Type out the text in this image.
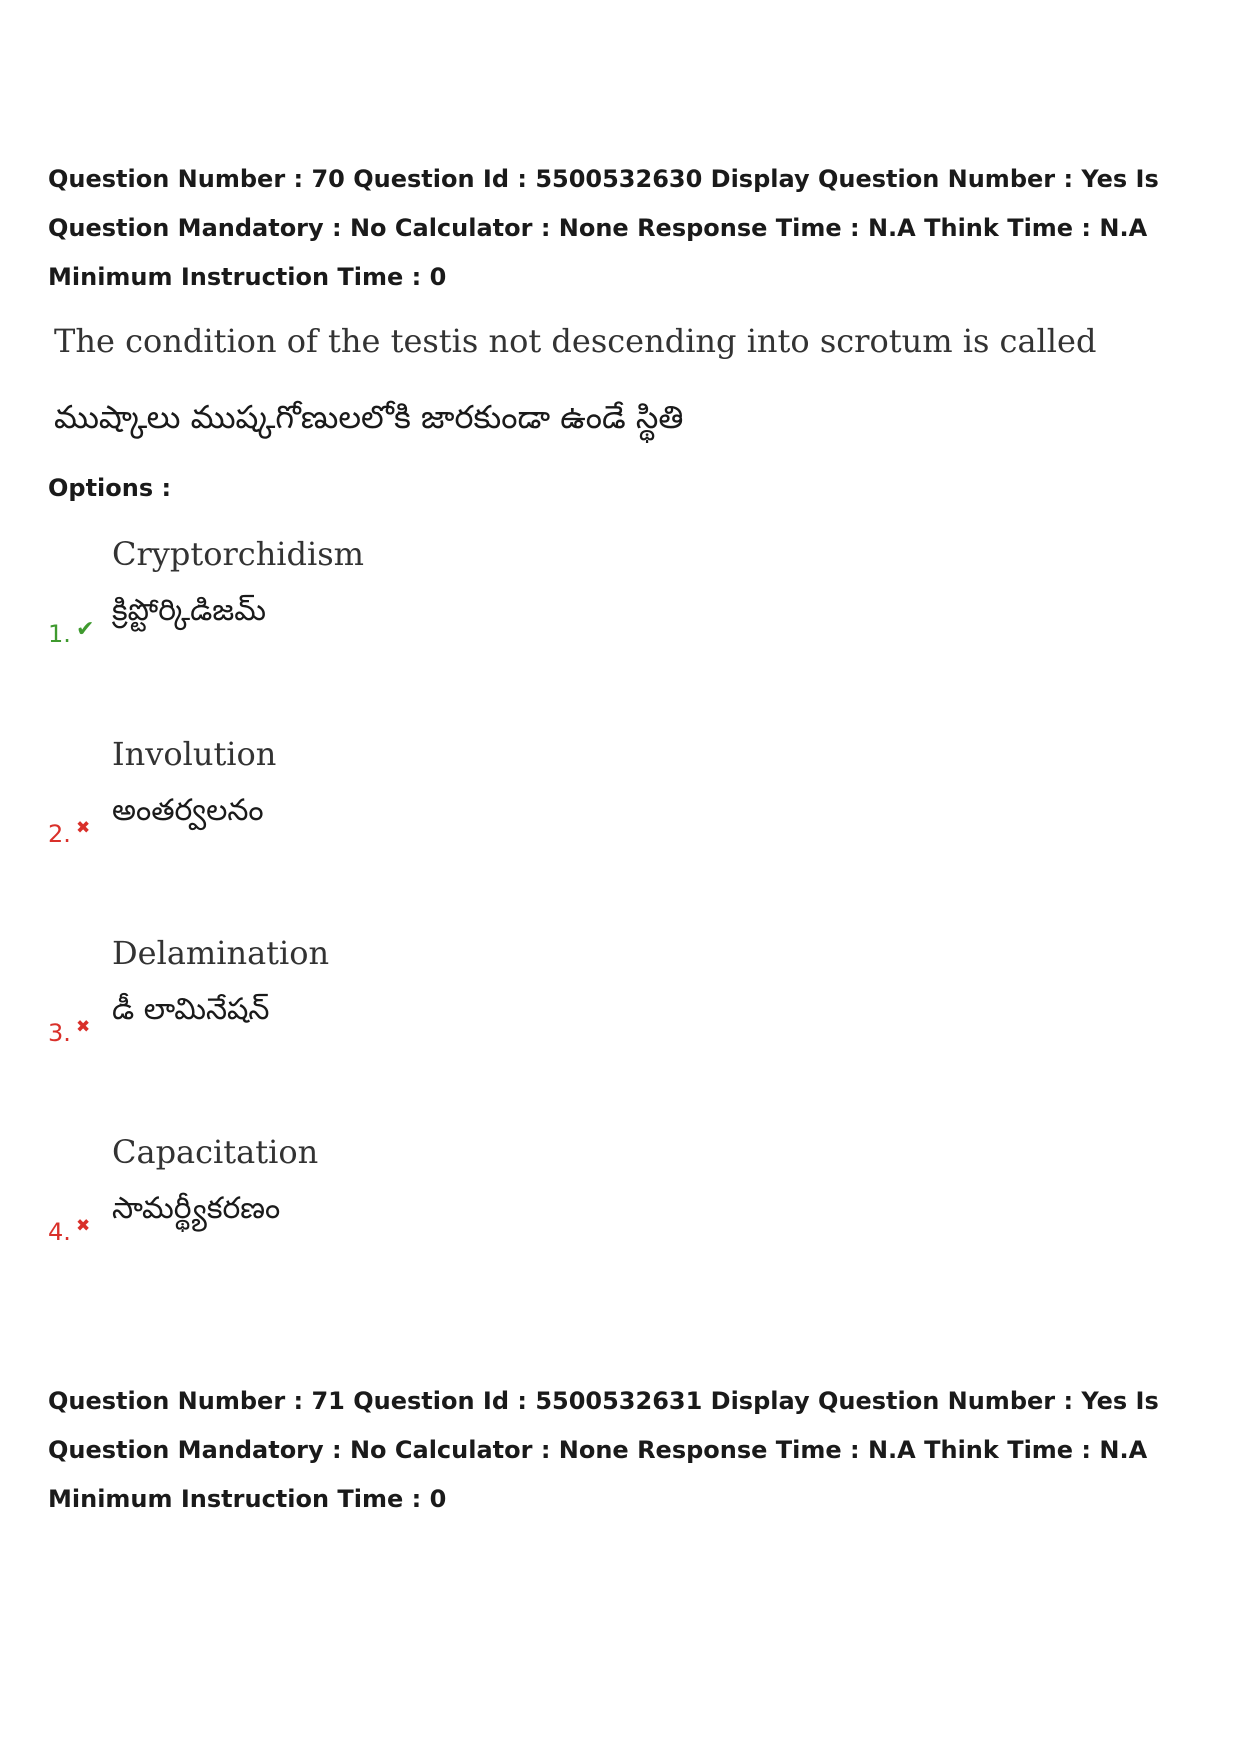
Question Number : 70 Question Id : 5500532630 Display Question Number : Yes Is Question Mandatory : No Calculator : None Response Time : N.A Think Time : N.A Minimum Instruction Time : 0
The condition of the testis not descending into scrotum is called
ముష్కాలు ముష్కగోణులలోకి జారకుండా ఉండే స్థితి
Options :
Cryptorchidism
క్రిప్టోర్కిడిజమ్
1. ✔
Involution
అంతర్వలనం
2. ✖
Delamination
డీ లామినేషన్
3. ✖
Capacitation
సామర్థ్యీకరణం
4. ✖
Question Number : 71 Question Id : 5500532631 Display Question Number : Yes Is Question Mandatory : No Calculator : None Response Time : N.A Think Time : N.A Minimum Instruction Time : 0
